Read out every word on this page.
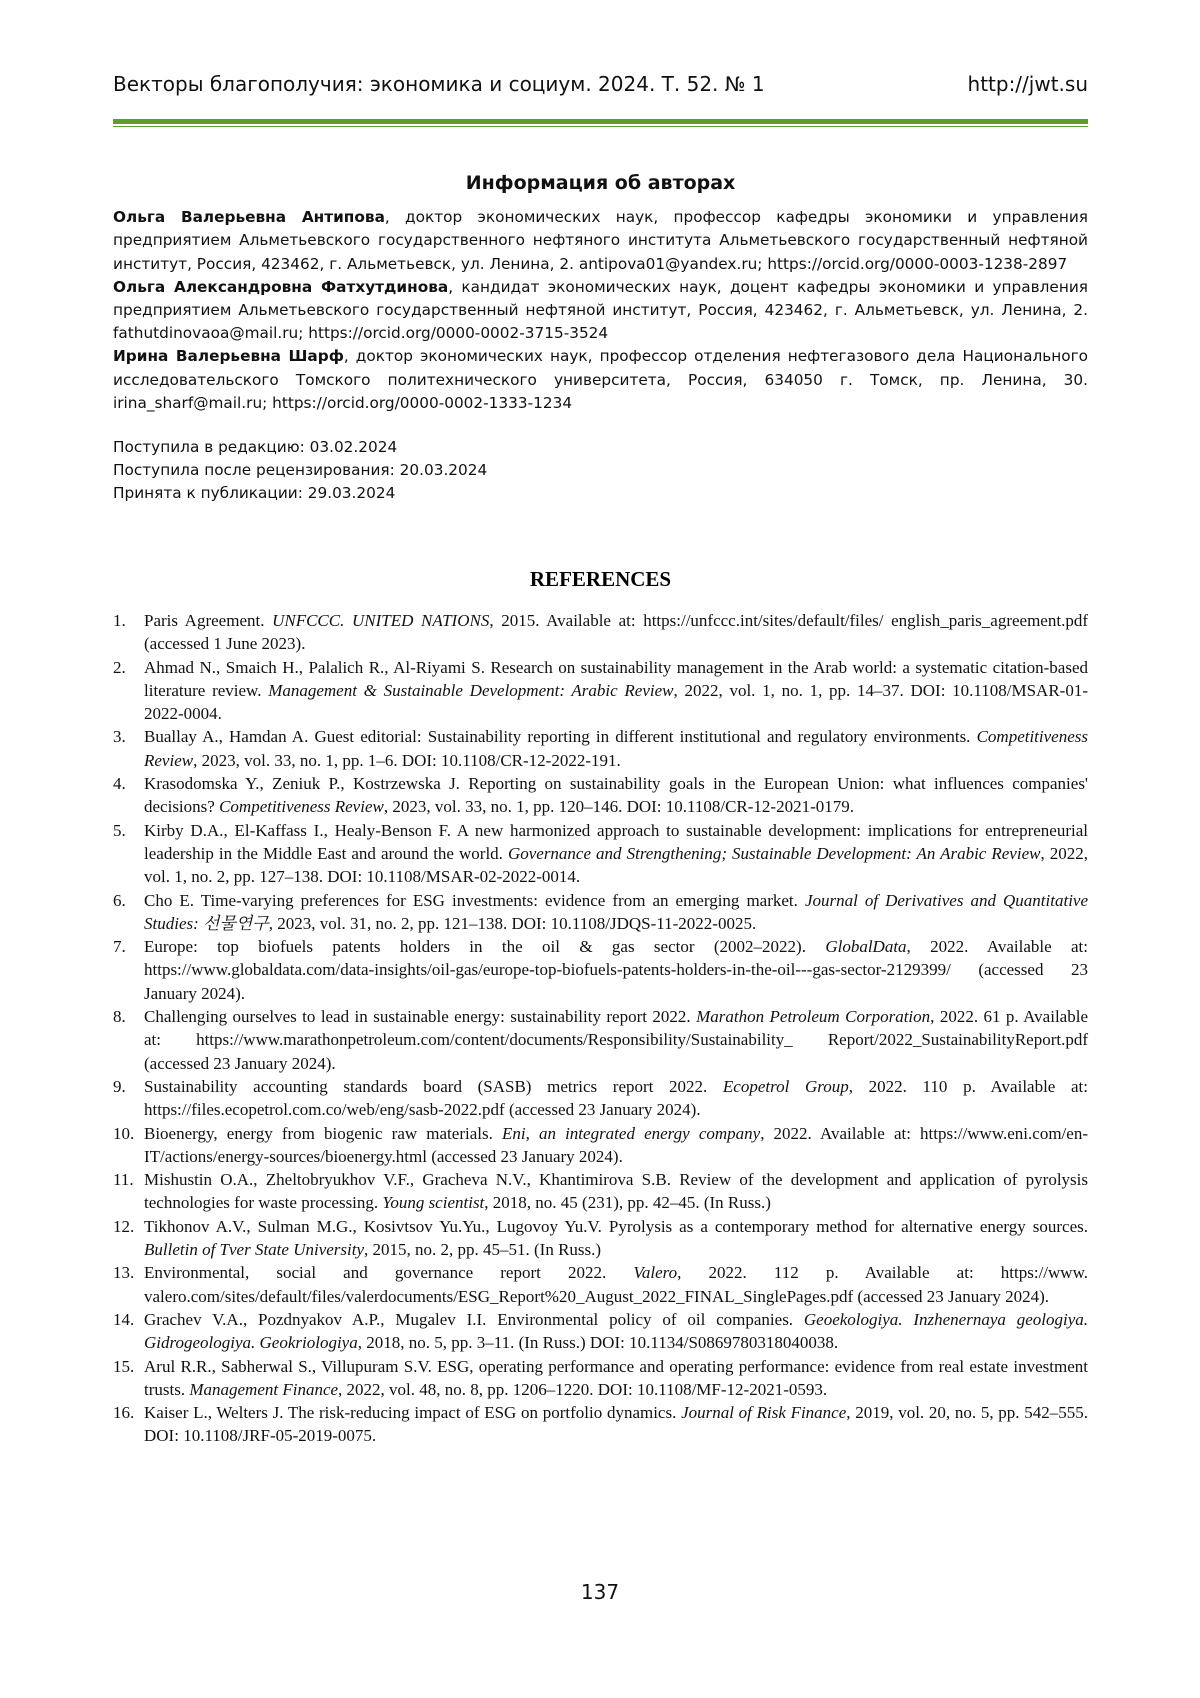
Векторы благополучия: экономика и социум. 2024. Т. 52. № 1	http://jwt.su
Информация об авторах

Ольга Валерьевна Антипова, доктор экономических наук, профессор кафедры экономики и управления предприятием Альметьевского государственного нефтяного института Альметьевского государственный нефтяной институт, Россия, 423462, г. Альметьевск, ул. Ленина, 2. antipova01@yandex.ru; https://orcid.org/0000-0003-1238-2897

Ольга Александровна Фатхутдинова, кандидат экономических наук, доцент кафедры экономики и управления предприятием Альметьевского государственный нефтяной институт, Россия, 423462, г. Альметьевск, ул. Ленина, 2. fathutdinovaoa@mail.ru; https://orcid.org/0000-0002-3715-3524

Ирина Валерьевна Шарф, доктор экономических наук, профессор отделения нефтегазового дела Национального исследовательского Томского политехнического университета, Россия, 634050 г. Томск, пр. Ленина, 30. irina_sharf@mail.ru; https://orcid.org/0000-0002-1333-1234

Поступила в редакцию: 03.02.2024

Поступила после рецензирования: 20.03.2024

Принята к публикации: 29.03.2024

REFERENCES
1. Paris Agreement. UNFCCC. UNITED NATIONS, 2015. Available at: https://unfccc.int/sites/default/files/ english_paris_agreement.pdf (accessed 1 June 2023).
2. Ahmad N., Smaich H., Palalich R., Al-Riyami S. Research on sustainability management in the Arab world: a systematic citation-based literature review. Management & Sustainable Development: Arabic Review, 2022, vol. 1, no. 1, pp. 14–37. DOI: 10.1108/MSAR-01-2022-0004.
3. Buallay A., Hamdan A. Guest editorial: Sustainability reporting in different institutional and regulatory environments. Competitiveness Review, 2023, vol. 33, no. 1, pp. 1–6. DOI: 10.1108/CR-12-2022-191.
4. Krasodomska Y., Zeniuk P., Kostrzewska J. Reporting on sustainability goals in the European Union: what influences companies' decisions? Competitiveness Review, 2023, vol. 33, no. 1, pp. 120–146. DOI: 10.1108/CR-12-2021-0179.
5. Kirby D.A., El-Kaffass I., Healy-Benson F. A new harmonized approach to sustainable development: implications for entrepreneurial leadership in the Middle East and around the world. Governance and Strengthening; Sustainable Development: An Arabic Review, 2022, vol. 1, no. 2, pp. 127–138. DOI: 10.1108/MSAR-02-2022-0014.
6. Cho E. Time-varying preferences for ESG investments: evidence from an emerging market. Journal of Derivatives and Quantitative Studies: 선물연구, 2023, vol. 31, no. 2, pp. 121–138. DOI: 10.1108/JDQS-11-2022-0025.
7. Europe: top biofuels patents holders in the oil & gas sector (2002–2022). GlobalData, 2022. Available at: https://www.globaldata.com/data-insights/oil-gas/europe-top-biofuels-patents-holders-in-the-oil---gas-sector-2129399/ (accessed 23 January 2024).
8. Challenging ourselves to lead in sustainable energy: sustainability report 2022. Marathon Petroleum Corporation, 2022. 61 p. Available at: https://www.marathonpetroleum.com/content/documents/Responsibility/Sustainability_ Report/2022_SustainabilityReport.pdf (accessed 23 January 2024).
9. Sustainability accounting standards board (SASB) metrics report 2022. Ecopetrol Group, 2022. 110 p. Available at: https://files.ecopetrol.com.co/web/eng/sasb-2022.pdf (accessed 23 January 2024).
10. Bioenergy, energy from biogenic raw materials. Eni, an integrated energy company, 2022. Available at: https://www.eni.com/en-IT/actions/energy-sources/bioenergy.html (accessed 23 January 2024).
11. Mishustin O.A., Zheltobryukhov V.F., Gracheva N.V., Khantimirova S.B. Review of the development and application of pyrolysis technologies for waste processing. Young scientist, 2018, no. 45 (231), pp. 42–45. (In Russ.)
12. Tikhonov A.V., Sulman M.G., Kosivtsov Yu.Yu., Lugovoy Yu.V. Pyrolysis as a contemporary method for alternative energy sources. Bulletin of Tver State University, 2015, no. 2, pp. 45–51. (In Russ.)
13. Environmental, social and governance report 2022. Valero, 2022. 112 p. Available at: https://www. valero.com/sites/default/files/valerdocuments/ESG_Report%20_August_2022_FINAL_SinglePages.pdf (accessed 23 January 2024).
14. Grachev V.A., Pozdnyakov A.P., Mugalev I.I. Environmental policy of oil companies. Geoekologiya. Inzhenernaya geologiya. Gidrogeologiya. Geokriologiya, 2018, no. 5, pp. 3–11. (In Russ.) DOI: 10.1134/S0869780318040038.
15. Arul R.R., Sabherwal S., Villupuram S.V. ESG, operating performance and operating performance: evidence from real estate investment trusts. Management Finance, 2022, vol. 48, no. 8, pp. 1206–1220. DOI: 10.1108/MF-12-2021-0593.
16. Kaiser L., Welters J. The risk-reducing impact of ESG on portfolio dynamics. Journal of Risk Finance, 2019, vol. 20, no. 5, pp. 542–555. DOI: 10.1108/JRF-05-2019-0075.
137
